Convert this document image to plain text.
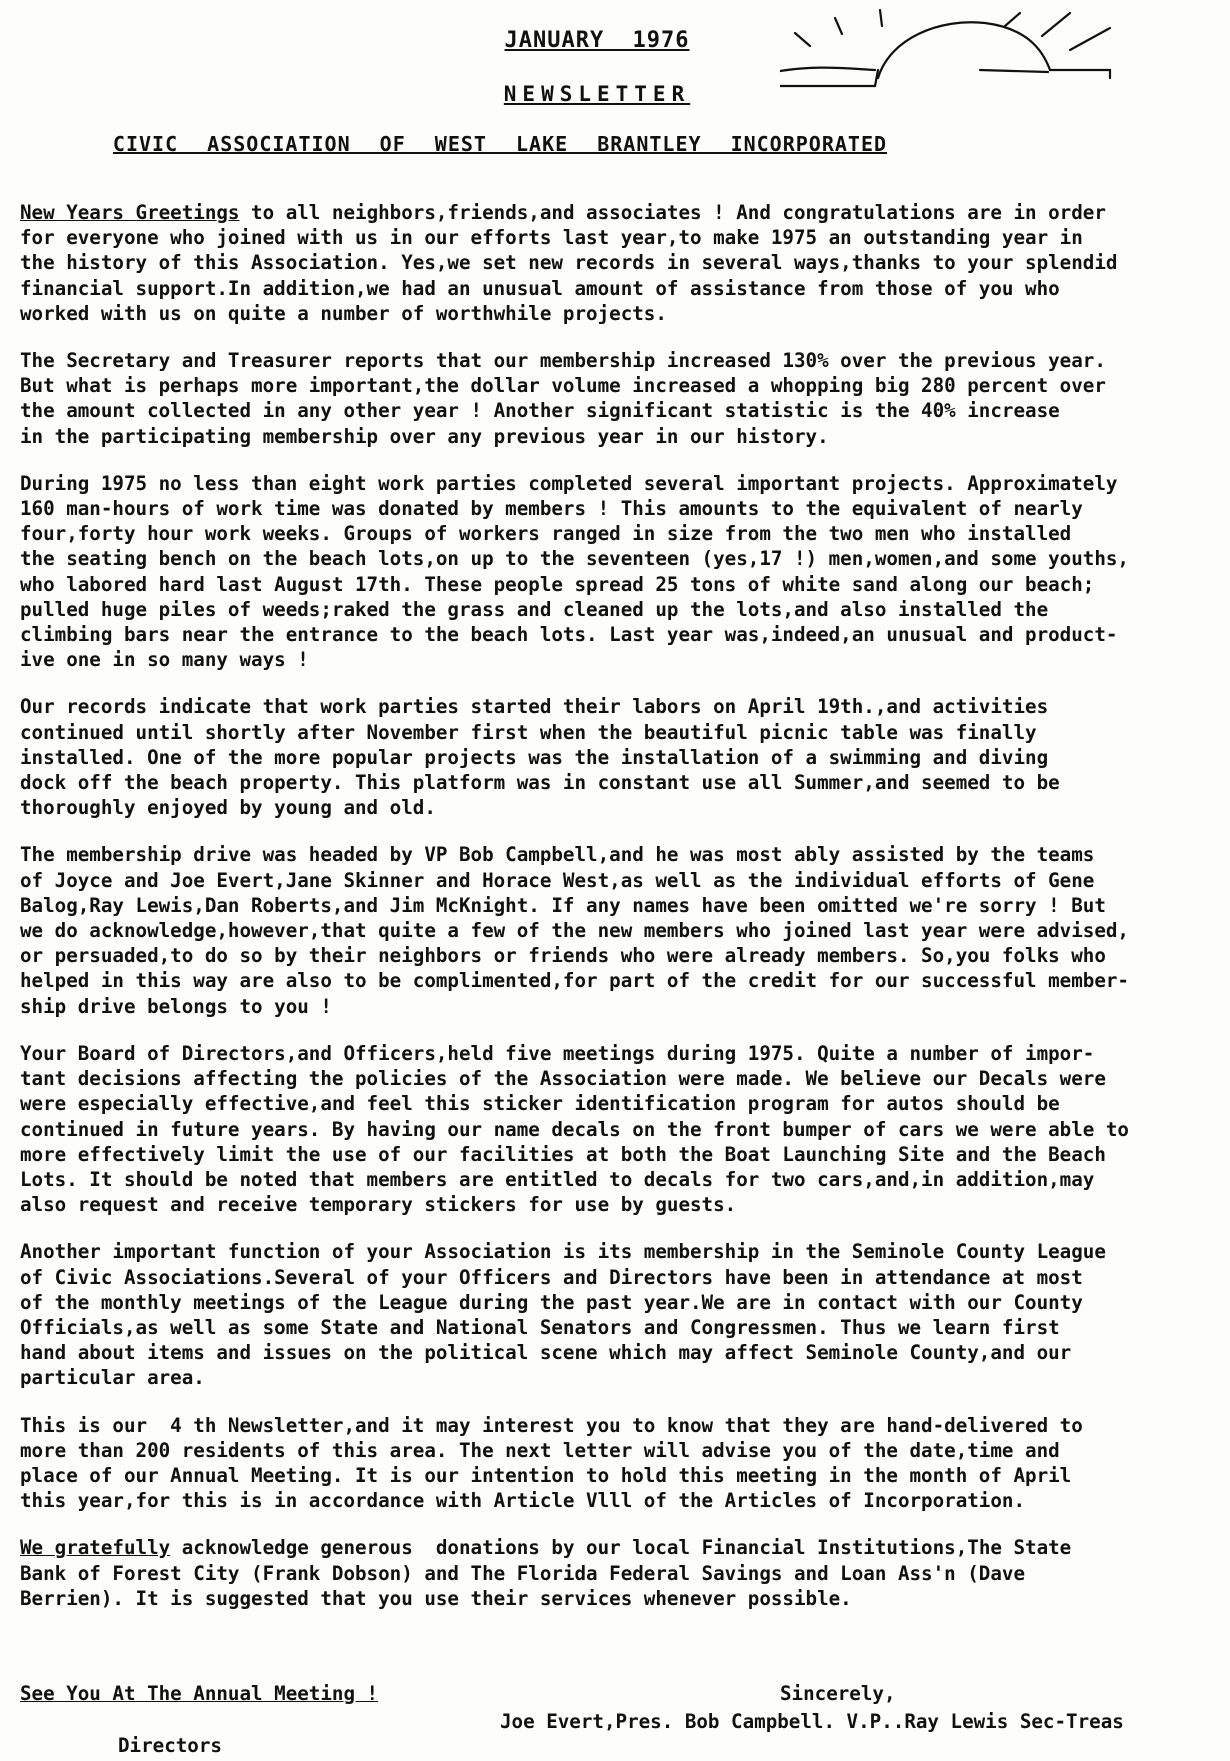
JANUARY 1976
NEWSLETTER
CIVIC ASSOCIATION OF WEST LAKE BRANTLEY INCORPORATED
New Years Greetings to all neighbors,friends,and associates ! And congratulations are in order
for everyone who joined with us in our efforts last year,to make 1975 an outstanding year in
the history of this Association. Yes,we set new records in several ways,thanks to your splendid
financial support.In addition,we had an unusual amount of assistance from those of you who
worked with us on quite a number of worthwhile projects.
The Secretary and Treasurer reports that our membership increased 130% over the previous year.
But what is perhaps more important,the dollar volume increased a whopping big 280 percent over
the amount collected in any other year ! Another significant statistic is the 40% increase
in the participating membership over any previous year in our history.
During 1975 no less than eight work parties completed several important projects. Approximately
160 man-hours of work time was donated by members ! This amounts to the equivalent of nearly
four,forty hour work weeks. Groups of workers ranged in size from the two men who installed
the seating bench on the beach lots,on up to the seventeen (yes,17 !) men,women,and some youths,
who labored hard last August 17th. These people spread 25 tons of white sand along our beach;
pulled huge piles of weeds;raked the grass and cleaned up the lots,and also installed the
climbing bars near the entrance to the beach lots. Last year was,indeed,an unusual and product-
ive one in so many ways !
Our records indicate that work parties started their labors on April 19th.,and activities
continued until shortly after November first when the beautiful picnic table was finally
installed. One of the more popular projects was the installation of a swimming and diving
dock off the beach property. This platform was in constant use all Summer,and seemed to be
thoroughly enjoyed by young and old.
The membership drive was headed by VP Bob Campbell,and he was most ably assisted by the teams
of Joyce and Joe Evert,Jane Skinner and Horace West,as well as the individual efforts of Gene
Balog,Ray Lewis,Dan Roberts,and Jim McKnight. If any names have been omitted we're sorry ! But
we do acknowledge,however,that quite a few of the new members who joined last year were advised,
or persuaded,to do so by their neighbors or friends who were already members. So,you folks who
helped in this way are also to be complimented,for part of the credit for our successful member-
ship drive belongs to you !
Your Board of Directors,and Officers,held five meetings during 1975. Quite a number of impor-
tant decisions affecting the policies of the Association were made. We believe our Decals were
were especially effective,and feel this sticker identification program for autos should be
continued in future years. By having our name decals on the front bumper of cars we were able to
more effectively limit the use of our facilities at both the Boat Launching Site and the Beach
Lots. It should be noted that members are entitled to decals for two cars,and,in addition,may
also request and receive temporary stickers for use by guests.
Another important function of your Association is its membership in the Seminole County League
of Civic Associations.Several of your Officers and Directors have been in attendance at most
of the monthly meetings of the League during the past year.We are in contact with our County
Officials,as well as some State and National Senators and Congressmen. Thus we learn first
hand about items and issues on the political scene which may affect Seminole County,and our
particular area.
This is our  4 th Newsletter,and it may interest you to know that they are hand-delivered to
more than 200 residents of this area. The next letter will advise you of the date,time and
place of our Annual Meeting. It is our intention to hold this meeting in the month of April
this year,for this is in accordance with Article Vlll of the Articles of Incorporation.
We gratefully acknowledge generous  donations by our local Financial Institutions,The State
Bank of Forest City (Frank Dobson) and The Florida Federal Savings and Loan Ass'n (Dave
Berrien). It is suggested that you use their services whenever possible.
See You At The Annual Meeting !	Sincerely,
Joe Evert,Pres. Bob Campbell. V.P..Ray Lewis Sec-Treas
Directors
